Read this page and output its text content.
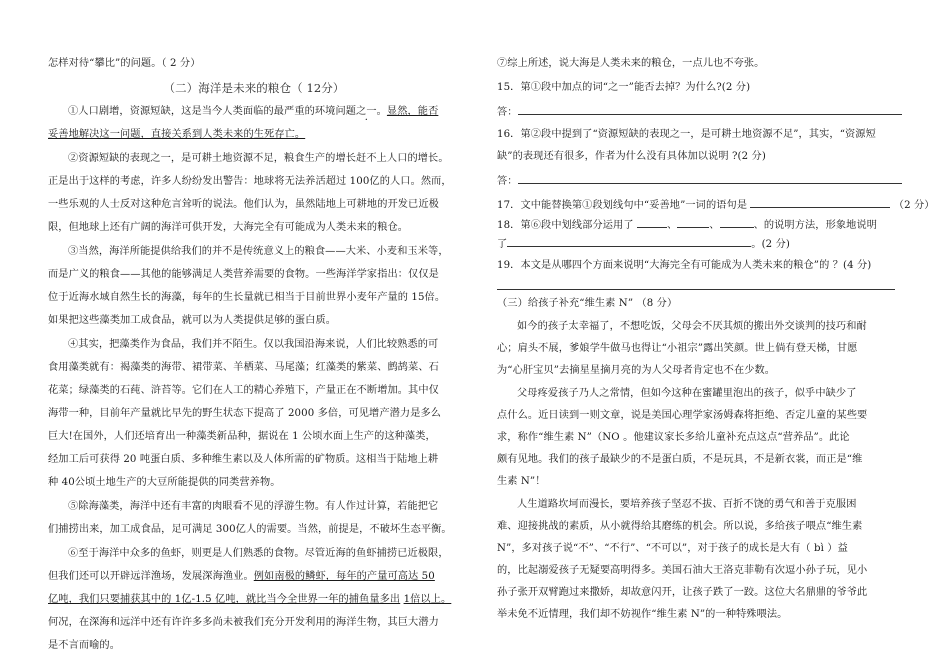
怎样对待“攀比”的问题。（ 2 分）
（二）海洋是未来的粮仓（ 12分）
①人口剧增，资源短缺，这是当今人类面临的最严重的环境问题之一。显然，能否
妥善地解决这一问题，直接关系到人类未来的生死存亡。
②资源短缺的表现之一，是可耕土地资源不足，粮食生产的增长赶不上人口的增长。
正是出于这样的考虑，许多人纷纷发出警告：地球将无法养活超过 100亿的人口。然而，
一些乐观的人士反对这种危言耸听的说法。他们认为，虽然陆地上可耕地的开发已近极
限，但地球上还有广阔的海洋可供开发，大海完全有可能成为人类未来的粮仓。
③当然，海洋所能提供给我们的并不是传统意义上的粮食——大米、小麦和玉米等，
而是广义的粮食——其他的能够满足人类营养需要的食物。一些海洋学家指出：仅仅是
位于近海水域自然生长的海藻，每年的生长量就已相当于目前世界小麦年产量的 15倍。
如果把这些藻类加工成食品，就可以为人类提供足够的蛋白质。
④其实，把藻类作为食品，我们并不陌生。仅以我国沿海来说，人们比较熟悉的可
食用藻类就有：褐藻类的海带、裙带菜、羊栖菜、马尾藻；红藻类的紫菜、鹧鸪菜、石
花菜；绿藻类的石莼、浒苔等。它们在人工的精心养殖下，产量正在不断增加。其中仅
海带一种，目前年产量就比早先的野生状态下提高了 2000 多倍，可见增产潜力是多么
巨大!在国外，人们还培育出一种藻类新品种，据说在 1 公顷水面上生产的这种藻类，
经加工后可获得 20 吨蛋白质、多种维生素以及人体所需的矿物质。这相当于陆地上耕
种 40公顷土地生产的大豆所能提供的同类营养物。
⑤除海藻类，海洋中还有丰富的肉眼看不见的浮游生物。有人作过计算，若能把它
们捕捞出来，加工成食品，足可满足 300亿人的需要。当然，前提是，不破坏生态平衡。
⑥至于海洋中众多的鱼虾，则更是人们熟悉的食物。尽管近海的鱼虾捕捞已近极限，
但我们还可以开辟远洋渔场，发展深海渔业。例如南极的鳞虾，每年的产量可高达 50
亿吨，我们只要捕获其中的 1亿-1.5 亿吨，就比当今全世界一年的捕鱼量多出 1倍以上。
何况，在深海和远洋中还有许许多多尚未被我们充分开发利用的海洋生物，其巨大潜力
是不言而喻的。
⑦综上所述，说大海是人类未来的粮仓，一点儿也不夸张。
15．第①段中加点的词“之一”能否去掉？为什么?(2 分)
答：
16．第②段中提到了“资源短缺的表现之一，是可耕土地资源不足”，其实，“资源短
缺”的表现还有很多，作者为什么没有具体加以说明 ?(2 分)
答：
17．文中能替换第①段划线句中“妥善地”一词的语句是	（2 分）
18．第⑥段中划线部分运用了	、	、	、的说明方法，形象地说明
了	。(2 分)
19．本文是从哪四个方面来说明“大海完全有可能成为人类未来的粮仓”的 ？(4 分)
（三）给孩子补充“维生素 N” （8 分）
如今的孩子太幸福了，不想吃饭，父母会不厌其烦的搬出外交谈判的技巧和耐
心；肩头不展，爹娘学牛做马也得让“小祖宗”露出笑颜。世上倘有登天梯，甘愿
为“心肝宝贝”去摘星星摘月亮的为人父母者肯定也不在少数。
父母疼爱孩子乃人之常情，但如今这种在蜜罐里泡出的孩子，似乎中缺少了
点什么。近日读到一则文章，说是美国心理学家汤姆森将拒绝、否定儿童的某些要
求，称作“维生素 N”（NO 。他建议家长多给儿童补充点这点“营养品”。此论
颇有见地。我们的孩子最缺少的不是蛋白质，不是玩具，不是新衣裳，而正是“维
生素 N”！
人生道路坎坷而漫长，要培养孩子坚忍不拔、百折不饶的勇气和善于克服困
难、迎接挑战的素质，从小就得给其磨练的机会。所以说，多给孩子喂点“维生素
N”，多对孩子说“不”、“不行”、“不可以”，对于孩子的成长是大有（ bì ）益
的，比起溺爱孩子无疑要高明得多。美国石油大王洛克菲勒有次逗小孙子玩，见小
孙子张开双臂跑过来撒娇，却故意闪开，让孩子跌了一跤。这位大名鼎鼎的爷爷此
举未免不近情理，我们却不妨视作“维生素 N”的一种特殊喂法。
